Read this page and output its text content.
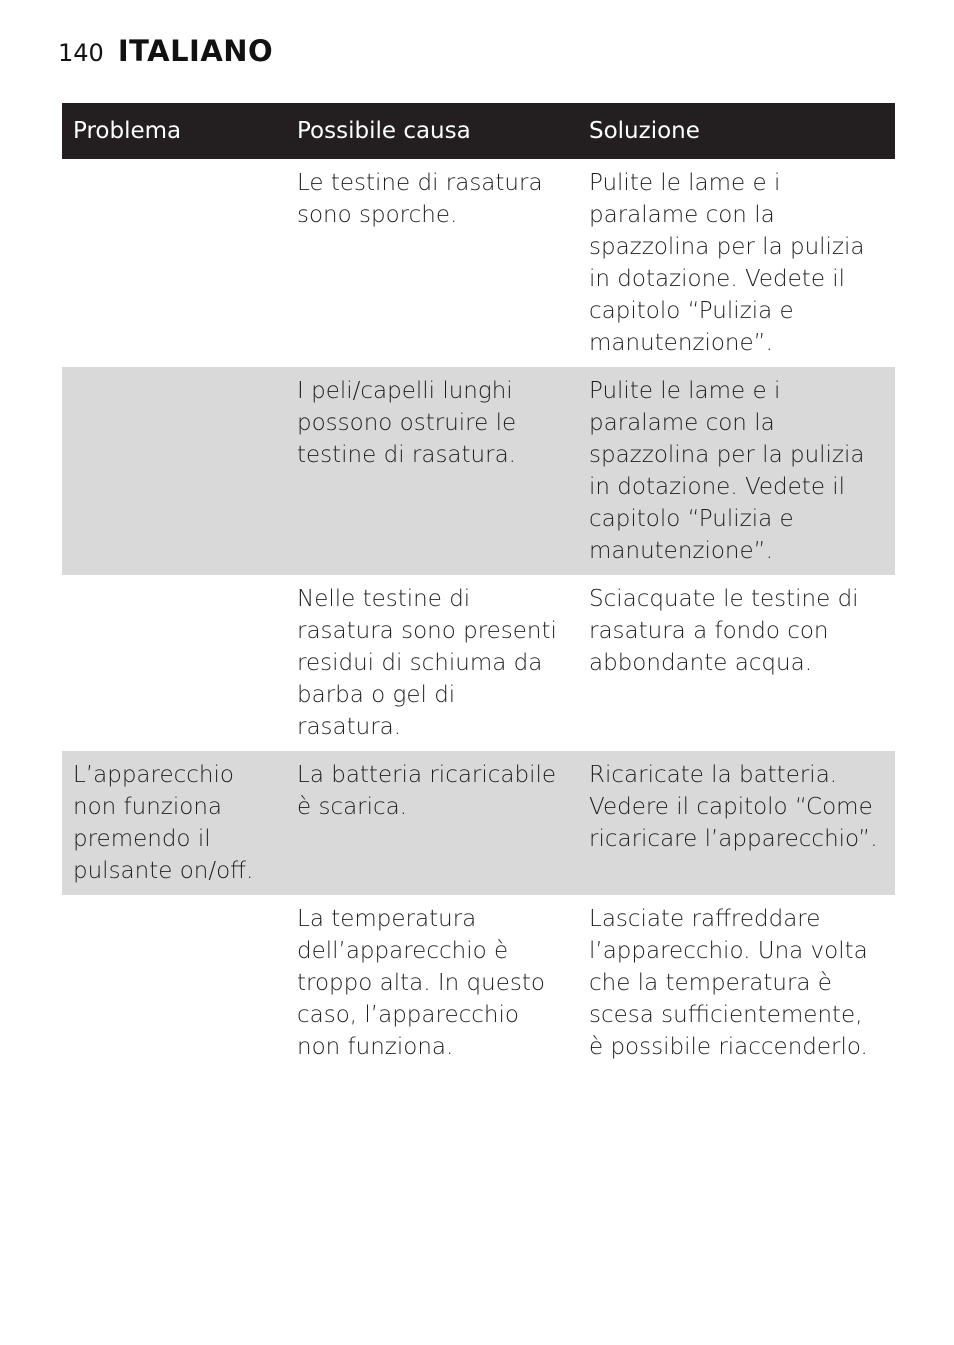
140 ITALIANO
Problema	Possibile causa	Soluzione
	Le testine di rasatura sono sporche.	Pulite le lame e i paralame con la spazzolina per la pulizia in dotazione. Vedete il capitolo “Pulizia e manutenzione”.
	I peli/capelli lunghi possono ostruire le testine di rasatura.	Pulite le lame e i paralame con la spazzolina per la pulizia in dotazione. Vedete il capitolo “Pulizia e manutenzione”.
	Nelle testine di rasatura sono presenti residui di schiuma da barba o gel di rasatura.	Sciacquate le testine di rasatura a fondo con abbondante acqua.
L’apparecchio non funziona premendo il pulsante on/off.	La batteria ricaricabile è scarica.	Ricaricate la batteria. Vedere il capitolo “Come ricaricare l’apparecchio”.
	La temperatura dell’apparecchio è troppo alta. In questo caso, l’apparecchio non funziona.	Lasciate raffreddare l’apparecchio. Una volta che la temperatura è scesa sufficientemente, è possibile riaccenderlo.
